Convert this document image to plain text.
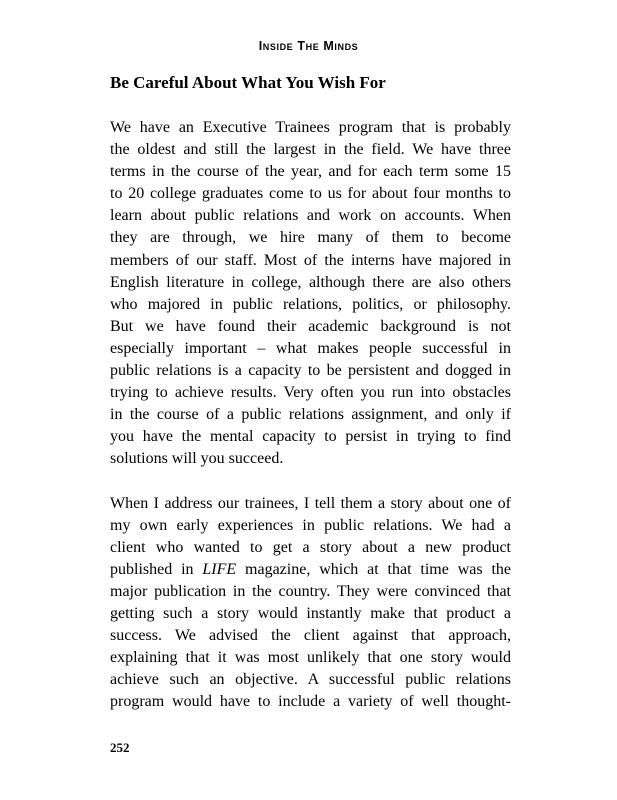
Inside The Minds
Be Careful About What You Wish For

We have an Executive Trainees program that is probably
the oldest and still the largest in the field. We have three
terms in the course of the year, and for each term some 15
to 20 college graduates come to us for about four months to
learn about public relations and work on accounts. When
they are through, we hire many of them to become
members of our staff. Most of the interns have majored in
English literature in college, although there are also others
who majored in public relations, politics, or philosophy.
But we have found their academic background is not
especially important – what makes people successful in
public relations is a capacity to be persistent and dogged in
trying to achieve results. Very often you run into obstacles
in the course of a public relations assignment, and only if
you have the mental capacity to persist in trying to find
solutions will you succeed.

When I address our trainees, I tell them a story about one of
my own early experiences in public relations. We had a
client who wanted to get a story about a new product
published in LIFE magazine, which at that time was the
major publication in the country. They were convinced that
getting such a story would instantly make that product a
success. We advised the client against that approach,
explaining that it was most unlikely that one story would
achieve such an objective. A successful public relations
program would have to include a variety of well thought-

252
